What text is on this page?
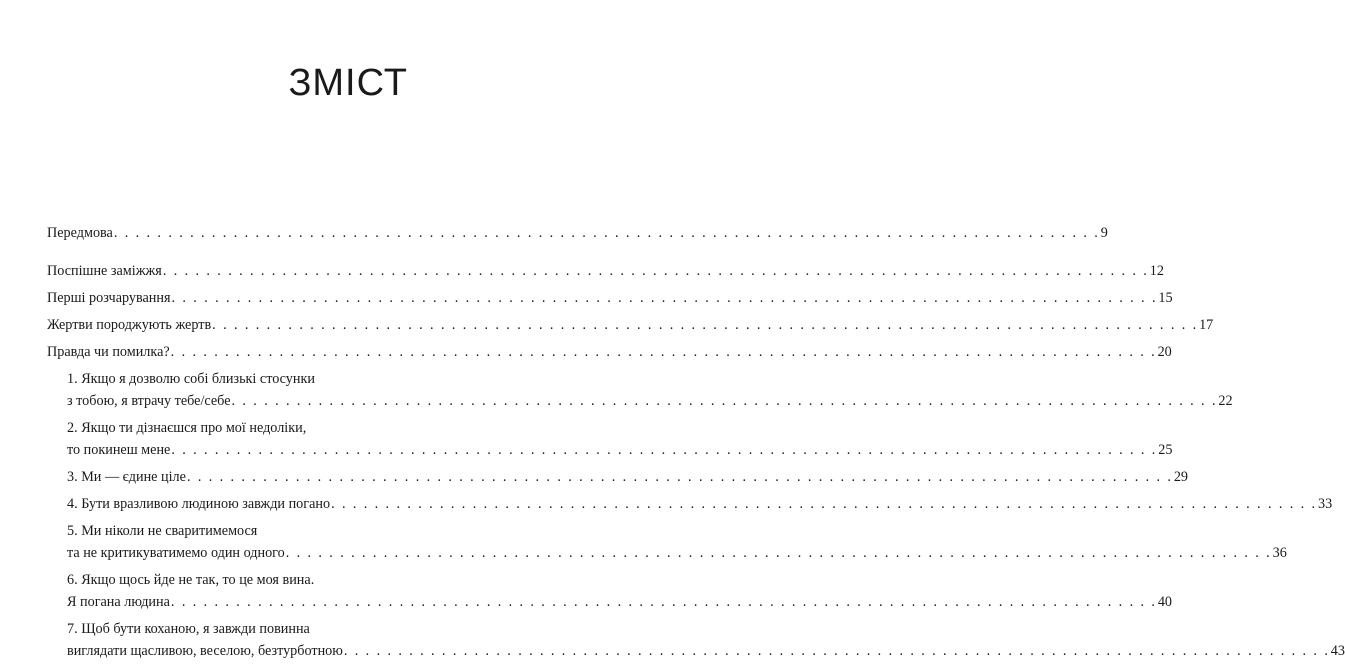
ЗМІСТ
Передмова . . . . . . . . . . . . . . . . . . . . . . . . . . . . . . . . . . . . . . . . . . . . . . . . . . . . . . . . . . . . . . . . . . . . . . . . . . . . . . . . . . . . . . . . . . . 9
Поспішне заміжжя . . . . . . . . . . . . . . . . . . . . . . . . . . . . . . . . . . . . . . . . . . . . . . . . . . . . . . . . . . . . . . . . . . . . . . . . . . . . . . . . . . . . . . . . . . . 12
Перші розчарування . . . . . . . . . . . . . . . . . . . . . . . . . . . . . . . . . . . . . . . . . . . . . . . . . . . . . . . . . . . . . . . . . . . . . . . . . . . . . . . . . . . . . . . . . . . 15
Жертви породжують жертв . . . . . . . . . . . . . . . . . . . . . . . . . . . . . . . . . . . . . . . . . . . . . . . . . . . . . . . . . . . . . . . . . . . . . . . . . . . . . . . . . . . . . . . . . . . 17
Правда чи помилка? . . . . . . . . . . . . . . . . . . . . . . . . . . . . . . . . . . . . . . . . . . . . . . . . . . . . . . . . . . . . . . . . . . . . . . . . . . . . . . . . . . . . . . . . . . . 20
1. Якщо я дозволю собі близькі стосунки
з тобою, я втрачу тебе/себе . . . . . . . . . . . . . . . . . . . . . . . . . . . . . . . . . . . . . . . . . . . . . . . . . . . . . . . . . . . . . . . . . . . . . . . . . . . . . . . . . . . . . . . . . . . 22
2. Якщо ти дізнаєшся про мої недоліки,
то покинеш мене . . . . . . . . . . . . . . . . . . . . . . . . . . . . . . . . . . . . . . . . . . . . . . . . . . . . . . . . . . . . . . . . . . . . . . . . . . . . . . . . . . . . . . . . . . . 25
3. Ми — єдине ціле . . . . . . . . . . . . . . . . . . . . . . . . . . . . . . . . . . . . . . . . . . . . . . . . . . . . . . . . . . . . . . . . . . . . . . . . . . . . . . . . . . . . . . . . . . . 29
4. Бути вразливою людиною завжди погано . . . . . . . . . . . . . . . . . . . . . . . . . . . . . . . . . . . . . . . . . . . . . . . . . . . . . . . . . . . . . . . . . . . . . . . . . . . . . . . . . . . . . . . . . . . 33
5. Ми ніколи не сваритимемося
та не критикуватимемо один одного . . . . . . . . . . . . . . . . . . . . . . . . . . . . . . . . . . . . . . . . . . . . . . . . . . . . . . . . . . . . . . . . . . . . . . . . . . . . . . . . . . . . . . . . . . . 36
6. Якщо щось йде не так, то це моя вина.
Я погана людина . . . . . . . . . . . . . . . . . . . . . . . . . . . . . . . . . . . . . . . . . . . . . . . . . . . . . . . . . . . . . . . . . . . . . . . . . . . . . . . . . . . . . . . . . . . 40
7. Щоб бути коханою, я завжди повинна
виглядати щасливою, веселою, безтурботною . . . . . . . . . . . . . . . . . . . . . . . . . . . . . . . . . . . . . . . . . . . . . . . . . . . . . . . . . . . . . . . . . . . . . . . . . . . . . . . . . . . . . . . . . . . 43
